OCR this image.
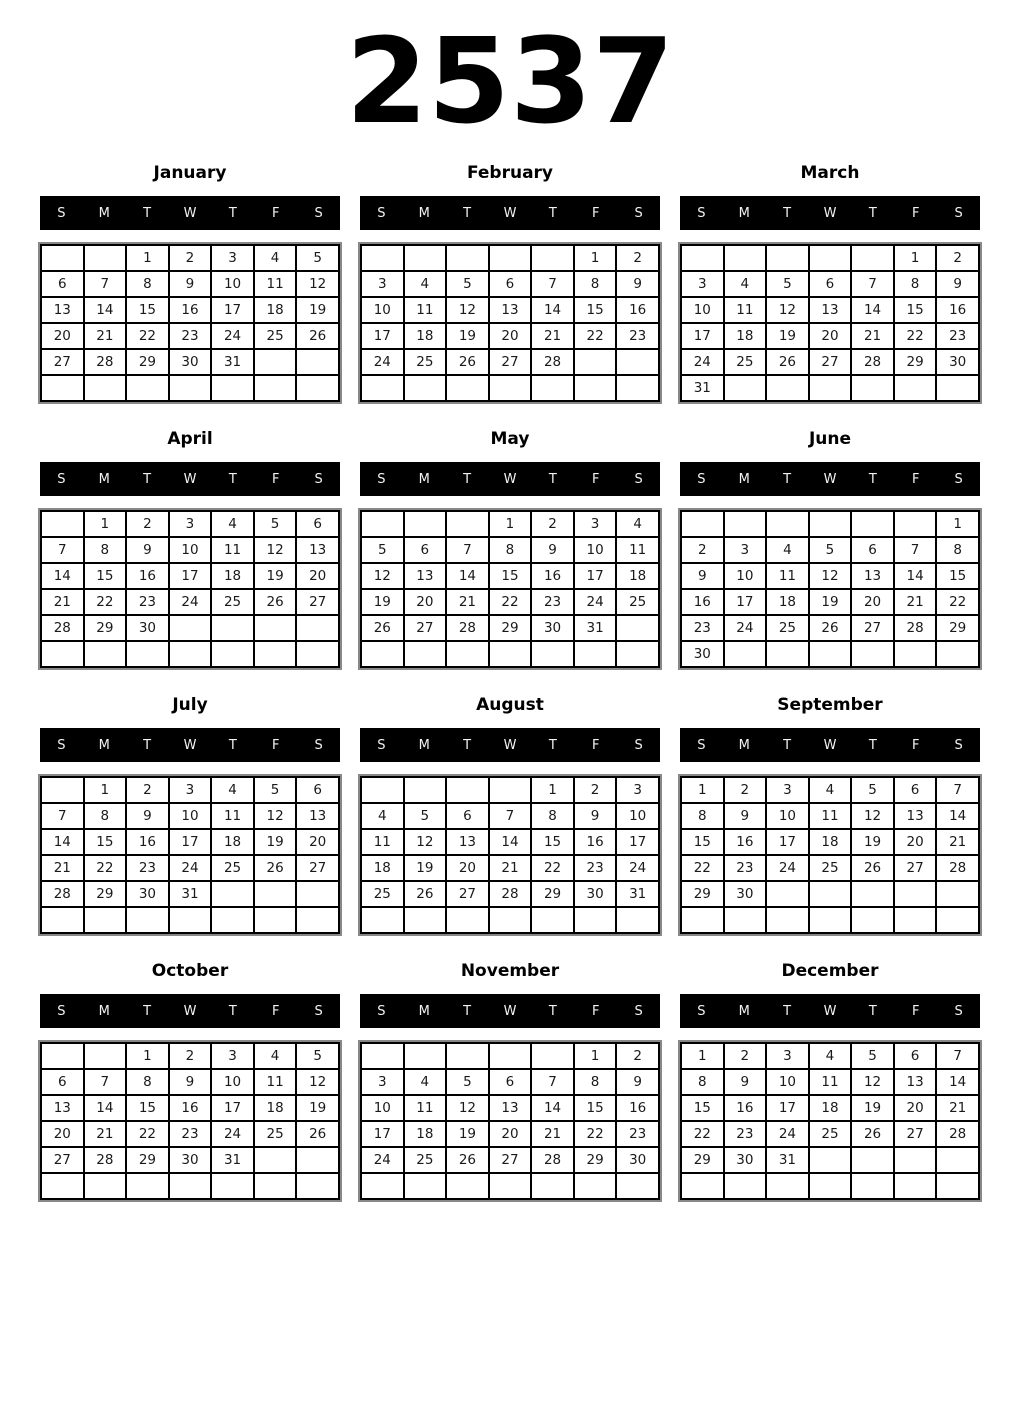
2537
January
S	M	T	W	T	F	S
		1	2	3	4	5
6	7	8	9	10	11	12
13	14	15	16	17	18	19
20	21	22	23	24	25	26
27	28	29	30	31		

February
S	M	T	W	T	F	S
					1	2
3	4	5	6	7	8	9
10	11	12	13	14	15	16
17	18	19	20	21	22	23
24	25	26	27	28		

March
S	M	T	W	T	F	S
					1	2
3	4	5	6	7	8	9
10	11	12	13	14	15	16
17	18	19	20	21	22	23
24	25	26	27	28	29	30
31						
April
S	M	T	W	T	F	S
	1	2	3	4	5	6
7	8	9	10	11	12	13
14	15	16	17	18	19	20
21	22	23	24	25	26	27
28	29	30				

May
S	M	T	W	T	F	S
			1	2	3	4
5	6	7	8	9	10	11
12	13	14	15	16	17	18
19	20	21	22	23	24	25
26	27	28	29	30	31	

June
S	M	T	W	T	F	S
						1
2	3	4	5	6	7	8
9	10	11	12	13	14	15
16	17	18	19	20	21	22
23	24	25	26	27	28	29
30						
July
S	M	T	W	T	F	S
	1	2	3	4	5	6
7	8	9	10	11	12	13
14	15	16	17	18	19	20
21	22	23	24	25	26	27
28	29	30	31			

August
S	M	T	W	T	F	S
				1	2	3
4	5	6	7	8	9	10
11	12	13	14	15	16	17
18	19	20	21	22	23	24
25	26	27	28	29	30	31

September
S	M	T	W	T	F	S
1	2	3	4	5	6	7
8	9	10	11	12	13	14
15	16	17	18	19	20	21
22	23	24	25	26	27	28
29	30					

October
S	M	T	W	T	F	S
		1	2	3	4	5
6	7	8	9	10	11	12
13	14	15	16	17	18	19
20	21	22	23	24	25	26
27	28	29	30	31		

November
S	M	T	W	T	F	S
					1	2
3	4	5	6	7	8	9
10	11	12	13	14	15	16
17	18	19	20	21	22	23
24	25	26	27	28	29	30

December
S	M	T	W	T	F	S
1	2	3	4	5	6	7
8	9	10	11	12	13	14
15	16	17	18	19	20	21
22	23	24	25	26	27	28
29	30	31				
